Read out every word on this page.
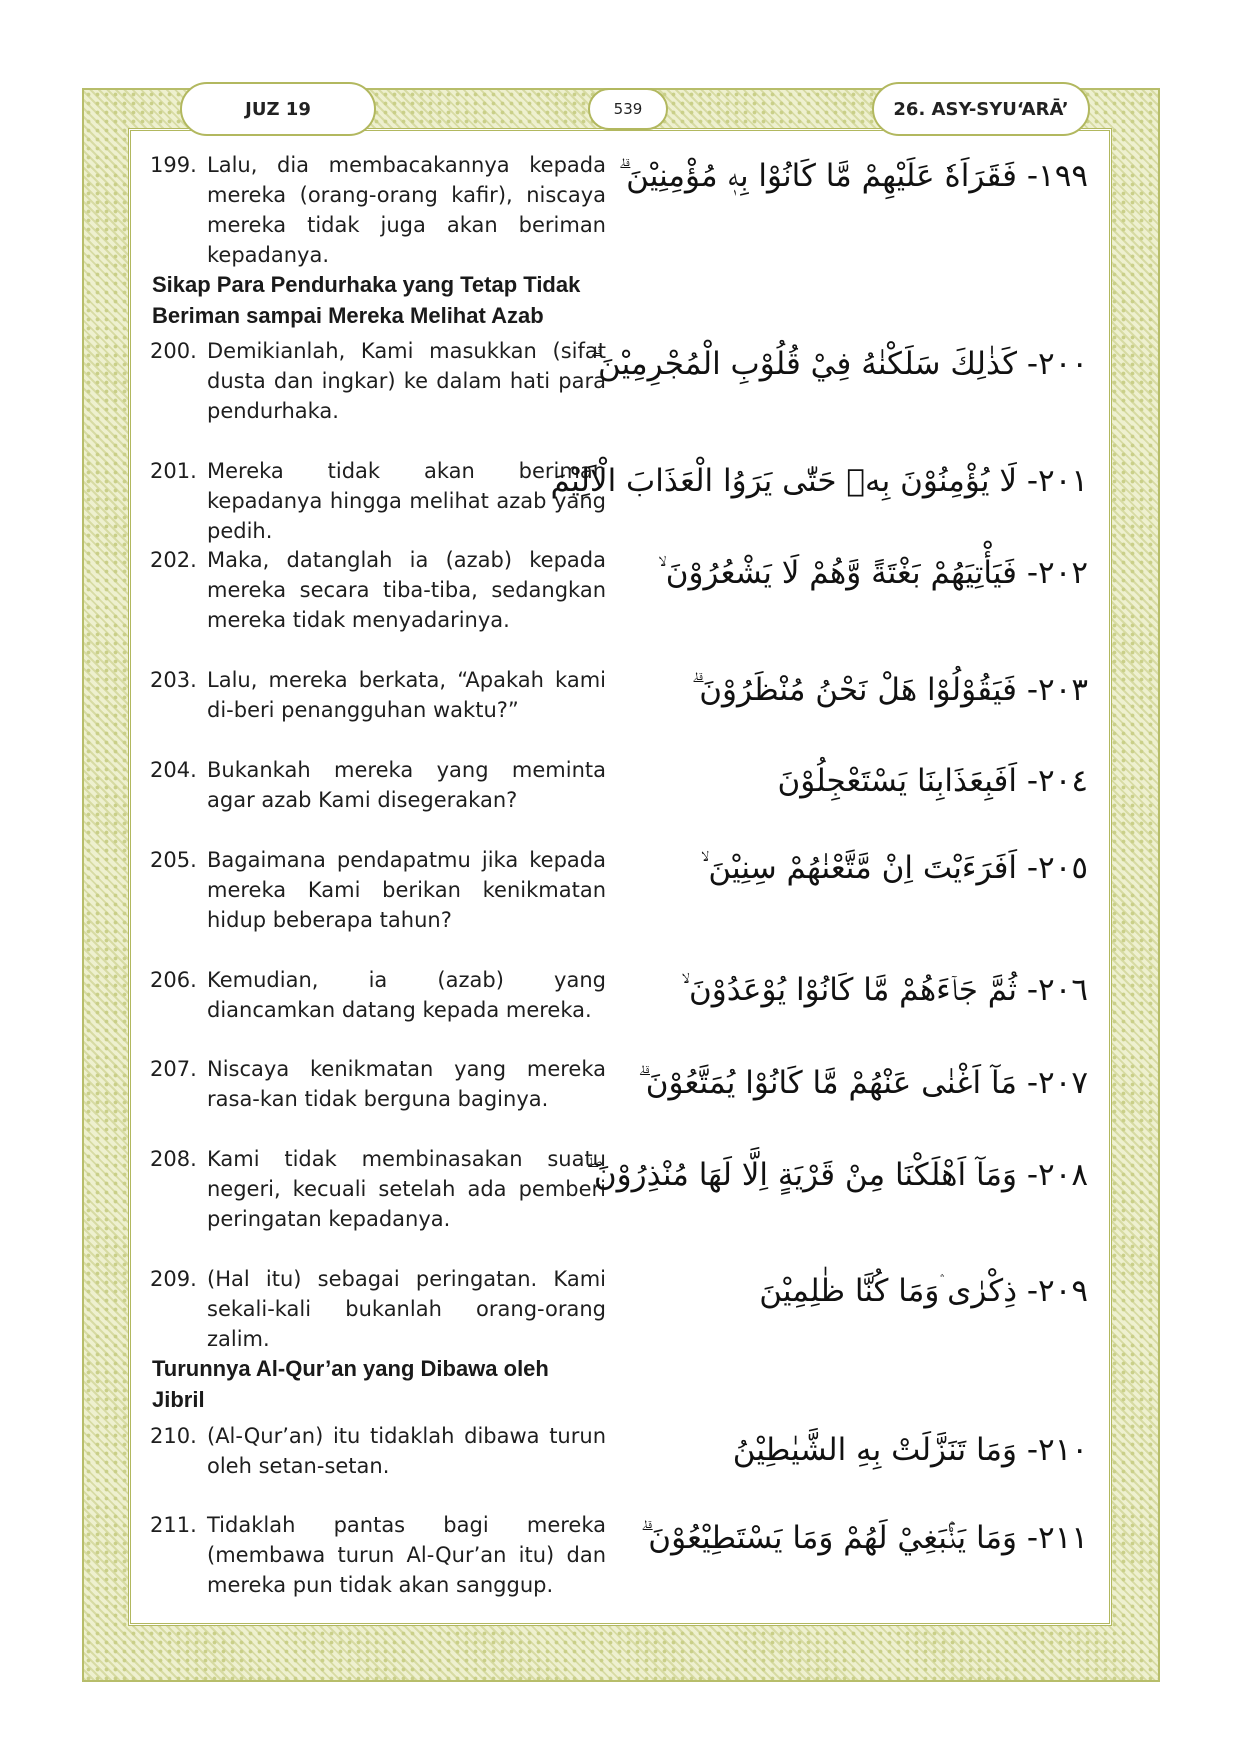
JUZ 19	539	26. ASY-SYU‘ARĀ’
199. Lalu, dia membacakannya kepada mereka (orang-orang kafir), niscaya mereka tidak juga akan beriman kepadanya.
١٩٩- فَقَرَاَهٗ عَلَيْهِمْ مَّا كَانُوْا بِهٖ مُؤْمِنِيْنَ ۗ
Sikap Para Pendurhaka yang Tetap Tidak Beriman sampai Mereka Melihat Azab
200. Demikianlah, Kami masukkan (sifat dusta dan ingkar) ke dalam hati para pendurhaka.
٢٠٠- كَذٰلِكَ سَلَكْنٰهُ فِيْ قُلُوْبِ الْمُجْرِمِيْنَ ۗ
201. Mereka tidak akan beriman kepadanya hingga melihat azab yang pedih.
٢٠١- لَا يُؤْمِنُوْنَ بِهٖ حَتّٰى يَرَوُا الْعَذَابَ الْاَلِيْمَ
202. Maka, datanglah ia (azab) kepada mereka secara tiba-tiba, sedangkan mereka tidak menyadarinya.
٢٠٢- فَيَأْتِيَهُمْ بَغْتَةً وَّهُمْ لَا يَشْعُرُوْنَ ۙ
203. Lalu, mereka berkata, “Apakah kami di-beri penangguhan waktu?”
٢٠٣- فَيَقُوْلُوْا هَلْ نَحْنُ مُنْظَرُوْنَ ۗ
204. Bukankah mereka yang meminta agar azab Kami disegerakan?
٢٠٤- اَفَبِعَذَابِنَا يَسْتَعْجِلُوْنَ
205. Bagaimana pendapatmu jika kepada mereka Kami berikan kenikmatan hidup beberapa tahun?
٢٠٥- اَفَرَءَيْتَ اِنْ مَّتَّعْنٰهُمْ سِنِيْنَ ۙ
206. Kemudian, ia (azab) yang diancamkan datang kepada mereka.
٢٠٦- ثُمَّ جَاۤءَهُمْ مَّا كَانُوْا يُوْعَدُوْنَ ۙ
207. Niscaya kenikmatan yang mereka rasa-kan tidak berguna baginya.	٢٠٧- مَآ اَغْنٰى عَنْهُمْ مَّا كَانُوْا يُمَتَّعُوْنَ ۗ
208. Kami tidak membinasakan suatu negeri, kecuali setelah ada pemberi peringatan kepadanya.
٢٠٨- وَمَآ اَهْلَكْنَا مِنْ قَرْيَةٍ اِلَّا لَهَا مُنْذِرُوْنَ ۖ
209. (Hal itu) sebagai peringatan. Kami sekali-kali bukanlah orang-orang zalim.
٢٠٩- ذِكْرٰى ۛوَمَا كُنَّا ظٰلِمِيْنَ
Turunnya Al-Qur’an yang Dibawa oleh Jibril
210. (Al-Qur’an) itu tidaklah dibawa turun oleh setan-setan.	٢١٠- وَمَا تَنَزَّلَتْ بِهِ الشَّيٰطِيْنُ
211. Tidaklah pantas bagi mereka (membawa turun Al-Qur’an itu) dan mereka pun tidak akan sanggup.
٢١١- وَمَا يَنْۢبَغِيْ لَهُمْ وَمَا يَسْتَطِيْعُوْنَ ۗ
